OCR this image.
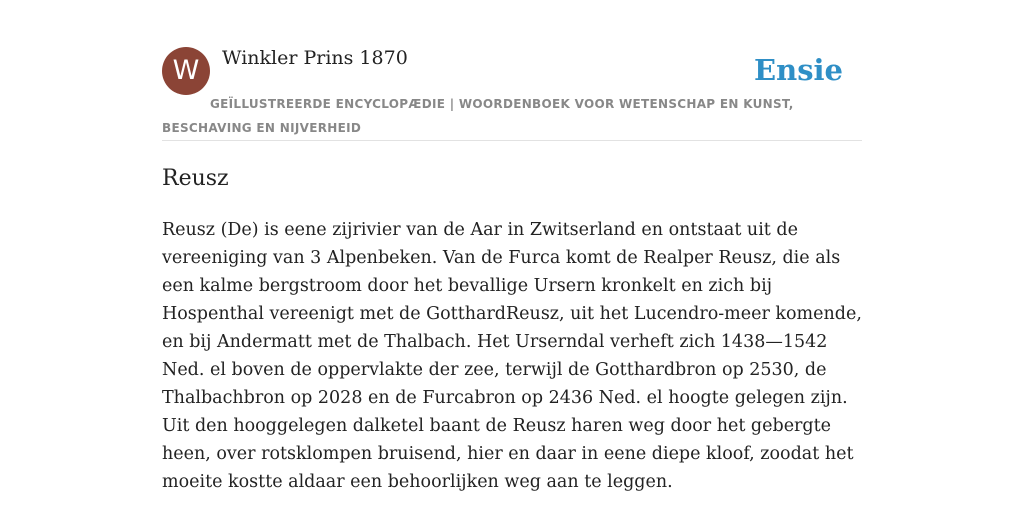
W	Winkler Prins 1870	Ensie
GEÏLLUSTREERDE ENCYCLOPÆDIE | WOORDENBOEK VOOR WETENSCHAP EN KUNST, BESCHAVING EN NIJVERHEID
Reusz

Reusz (De) is eene zijrivier van de Aar in Zwitserland en ontstaat uit de vereeniging van 3 Alpenbeken. Van de Furca komt de Realper Reusz, die als een kalme bergstroom door het bevallige Ursern kronkelt en zich bij Hospenthal vereenigt met de GotthardReusz, uit het Lucendro-meer komende, en bij Andermatt met de Thalbach. Het Urserndal verheft zich 1438—1542 Ned. el boven de oppervlakte der zee, terwijl de Gotthardbron op 2530, de Thalbachbron op 2028 en de Furcabron op 2436 Ned. el hoogte gelegen zijn. Uit den hooggelegen dalketel baant de Reusz haren weg door het gebergte heen, over rotsklompen bruisend, hier en daar in eene diepe kloof, zoodat het moeite kostte aldaar een behoorlijken weg aan te leggen.
